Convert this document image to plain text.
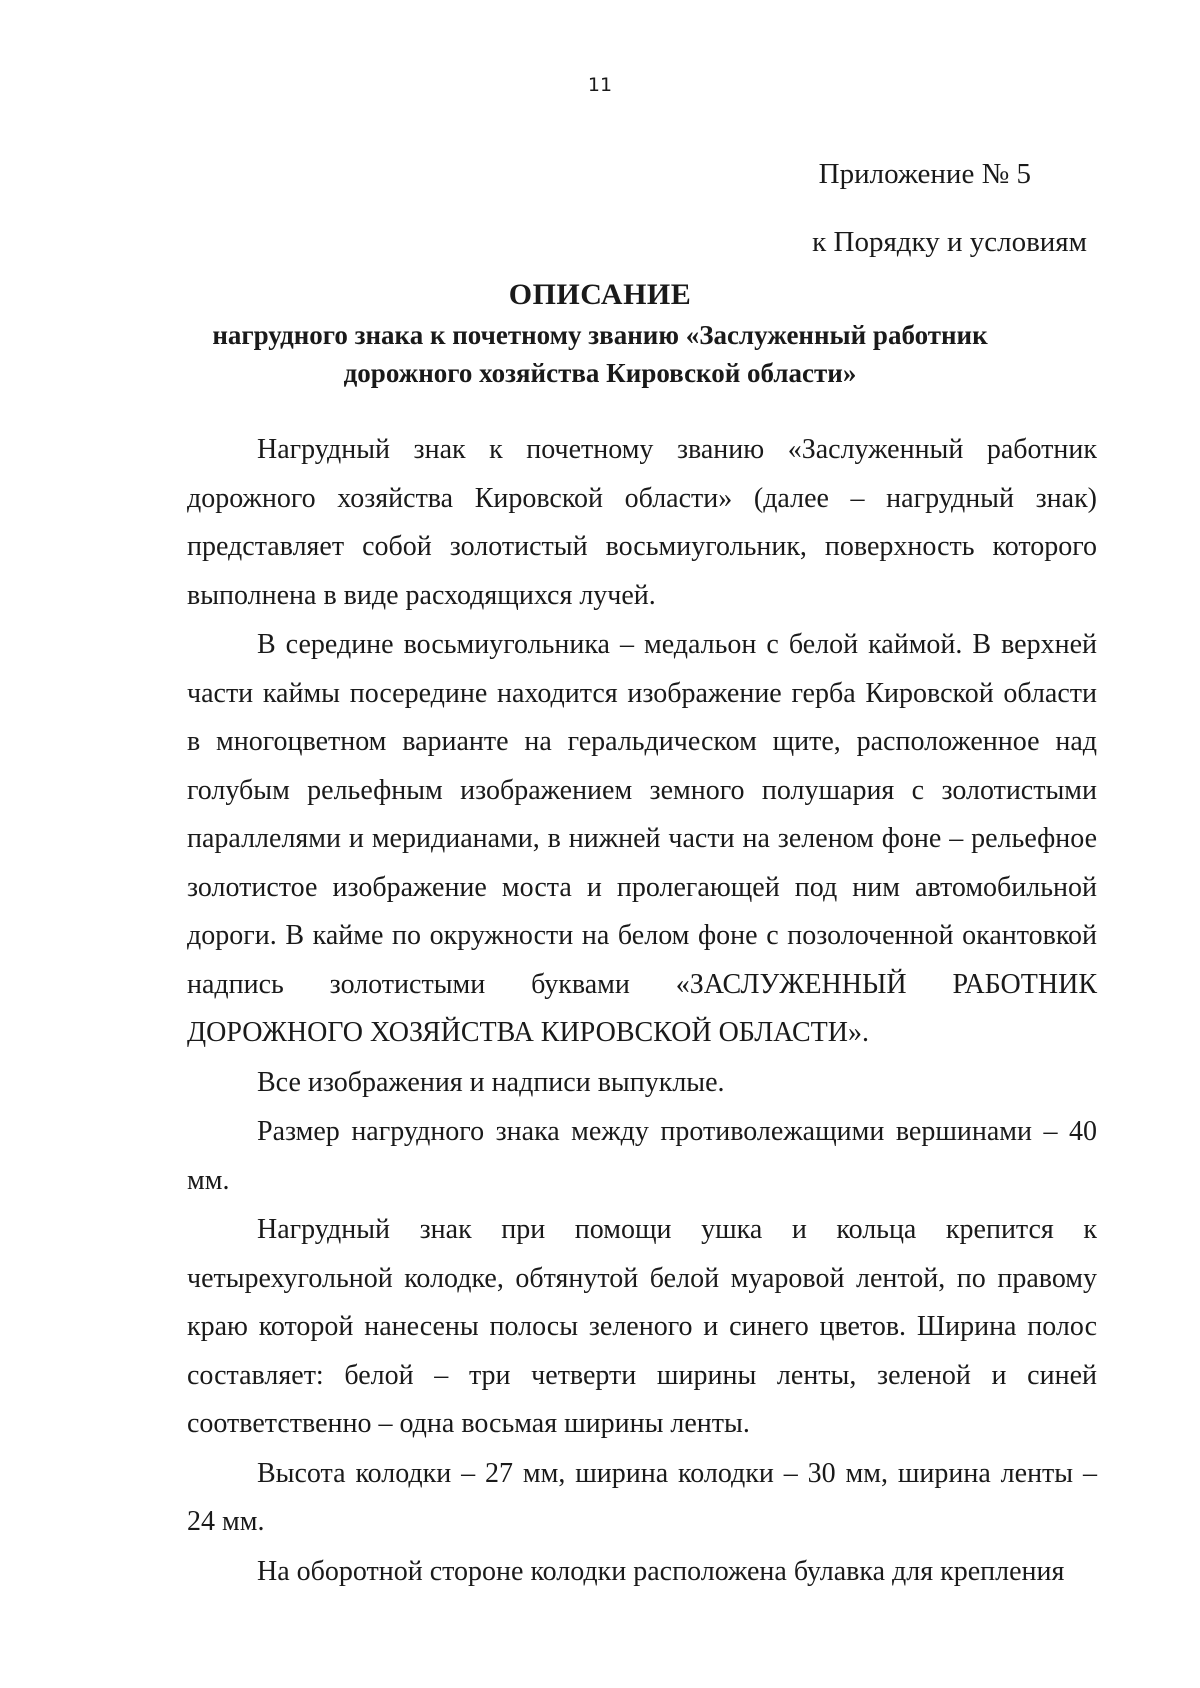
11
Приложение № 5
к Порядку и условиям
ОПИСАНИЕ
нагрудного знака к почетному званию «Заслуженный работник
дорожного хозяйства Кировской области»

Нагрудный знак к почетному званию «Заслуженный работник дорожного хозяйства Кировской области» (далее – нагрудный знак) представляет собой золотистый восьмиугольник, поверхность которого выполнена в виде расходящихся лучей.

В середине восьмиугольника – медальон с белой каймой. В верхней части каймы посередине находится изображение герба Кировской области в многоцветном варианте на геральдическом щите, расположенное над голубым рельефным изображением земного полушария с золотистыми параллелями и меридианами, в нижней части на зеленом фоне – рельефное золотистое изображение моста и пролегающей под ним автомобильной дороги. В кайме по окружности на белом фоне с позолоченной окантовкой надпись золотистыми буквами «ЗАСЛУЖЕННЫЙ РАБОТНИК ДОРОЖНОГО ХОЗЯЙСТВА КИРОВСКОЙ ОБЛАСТИ».

Все изображения и надписи выпуклые.

Размер нагрудного знака между противолежащими вершинами – 40 мм.

Нагрудный знак при помощи ушка и кольца крепится к четырехугольной колодке, обтянутой белой муаровой лентой, по правому краю которой нанесены полосы зеленого и синего цветов. Ширина полос составляет: белой – три четверти ширины ленты, зеленой и синей соответственно – одна восьмая ширины ленты.

Высота колодки – 27 мм, ширина колодки – 30 мм, ширина ленты – 24 мм.

На оборотной стороне колодки расположена булавка для крепления
